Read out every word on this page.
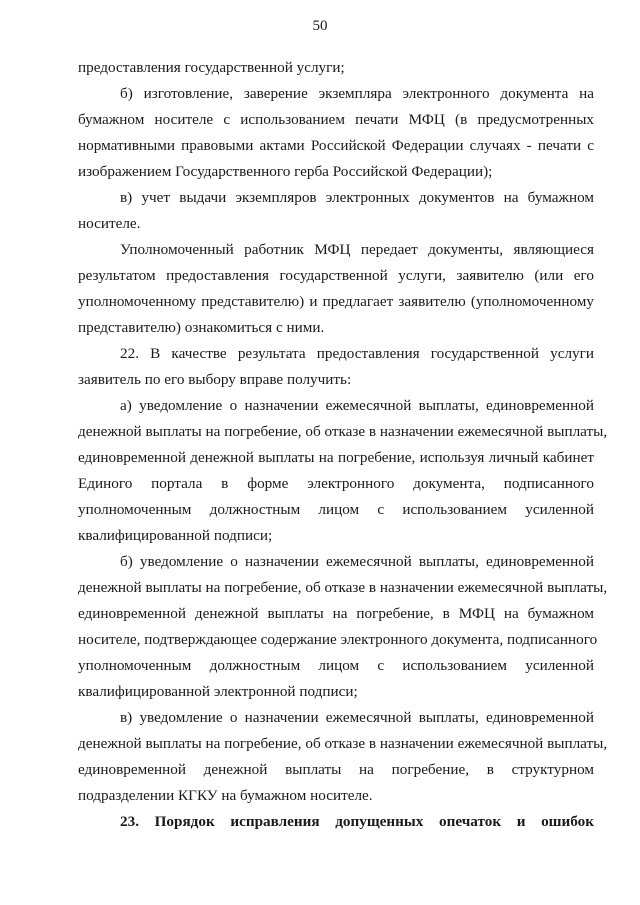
50
предоставления государственной услуги;
б) изготовление, заверение экземпляра электронного документа на
бумажном носителе с использованием печати МФЦ (в предусмотренных
нормативными правовыми актами Российской Федерации случаях - печати с
изображением Государственного герба Российской Федерации);
в) учет выдачи экземпляров электронных документов на бумажном
носителе.
Уполномоченный работник МФЦ передает документы, являющиеся
результатом предоставления государственной услуги, заявителю (или его
уполномоченному представителю) и предлагает заявителю (уполномоченному
представителю) ознакомиться с ними.
22. В качестве результата предоставления государственной услуги
заявитель по его выбору вправе получить:
а) уведомление о назначении ежемесячной выплаты, единовременной
денежной выплаты на погребение, об отказе в назначении ежемесячной выплаты,
единовременной денежной выплаты на погребение, используя личный кабинет
Единого портала в форме электронного документа, подписанного
уполномоченным должностным лицом с использованием усиленной
квалифицированной подписи;
б) уведомление о назначении ежемесячной выплаты, единовременной
денежной выплаты на погребение, об отказе в назначении ежемесячной выплаты,
единовременной денежной выплаты на погребение, в МФЦ на бумажном
носителе, подтверждающее содержание электронного документа, подписанного
уполномоченным должностным лицом с использованием усиленной
квалифицированной электронной подписи;
в) уведомление о назначении ежемесячной выплаты, единовременной
денежной выплаты на погребение, об отказе в назначении ежемесячной выплаты,
единовременной денежной выплаты на погребение, в структурном
подразделении КГКУ на бумажном носителе.
23. Порядок исправления допущенных опечаток и ошибок
